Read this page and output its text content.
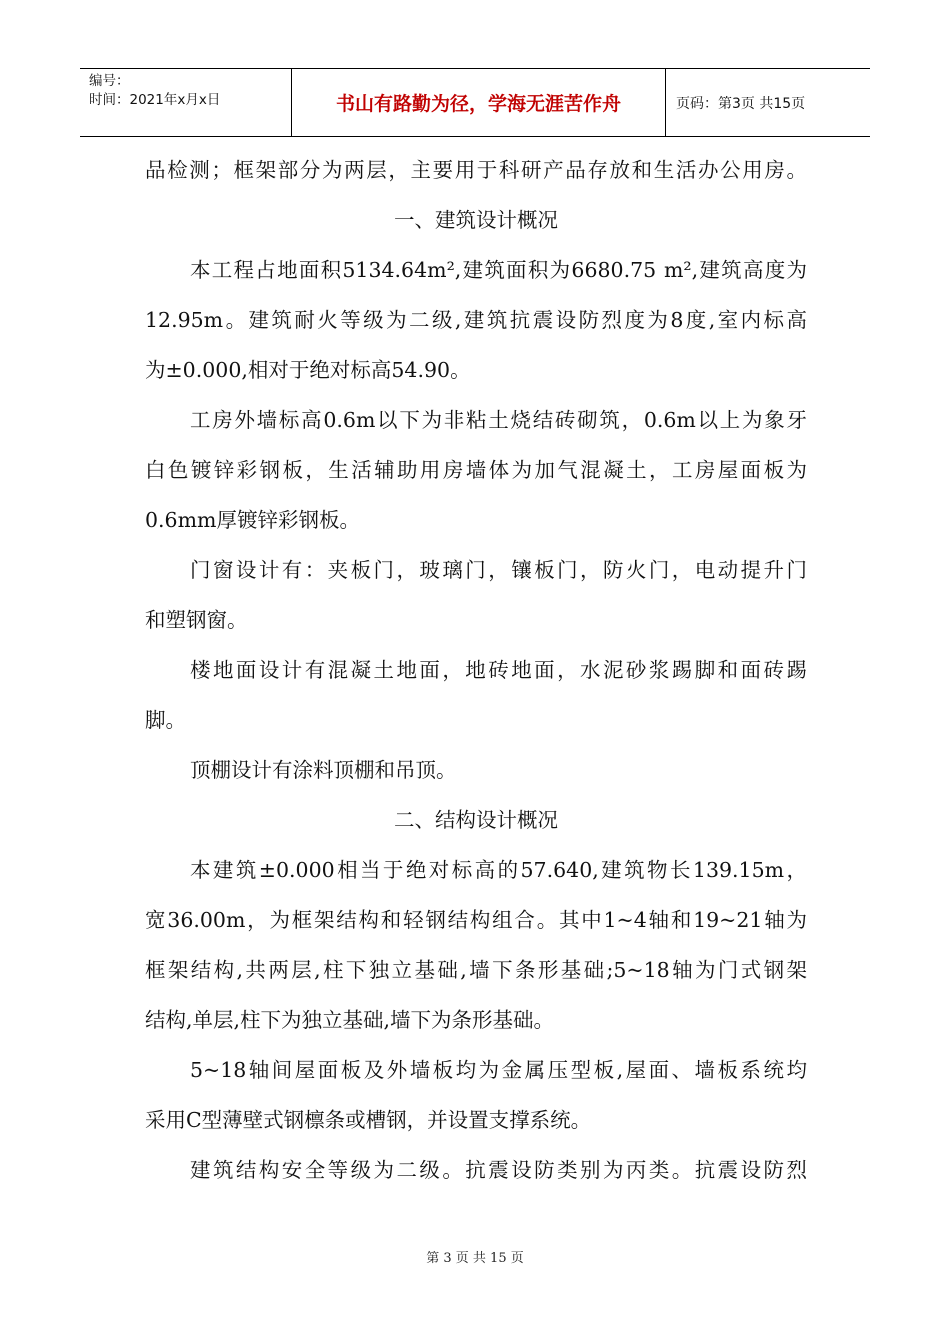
编号：
时间：2021年x月x日	书山有路勤为径，学海无涯苦作舟	页码：第3页 共15页
品检测；框架部分为两层，主要用于科研产品存放和生活办公用房。
一、建筑设计概况
本工程占地面积5134.64m²,建筑面积为6680.75 m²,建筑高度为
12.95m。建筑耐火等级为二级,建筑抗震设防烈度为8度,室内标高
为±0.000,相对于绝对标高54.90。
工房外墙标高0.6m以下为非粘土烧结砖砌筑，0.6m以上为象牙
白色镀锌彩钢板，生活辅助用房墙体为加气混凝土，工房屋面板为
0.6mm厚镀锌彩钢板。
门窗设计有：夹板门，玻璃门，镶板门，防火门，电动提升门
和塑钢窗。
楼地面设计有混凝土地面，地砖地面，水泥砂浆踢脚和面砖踢
脚。
顶棚设计有涂料顶棚和吊顶。
二、结构设计概况
本建筑±0.000相当于绝对标高的57.640,建筑物长139.15m，
宽36.00m，为框架结构和轻钢结构组合。其中1~4轴和19~21轴为
框架结构,共两层,柱下独立基础,墙下条形基础;5~18轴为门式钢架
结构,单层,柱下为独立基础,墙下为条形基础。
5~18轴间屋面板及外墙板均为金属压型板,屋面、墙板系统均
采用C型薄壁式钢檩条或槽钢，并设置支撑系统。
建筑结构安全等级为二级。抗震设防类别为丙类。抗震设防烈
第 3 页 共 15 页
